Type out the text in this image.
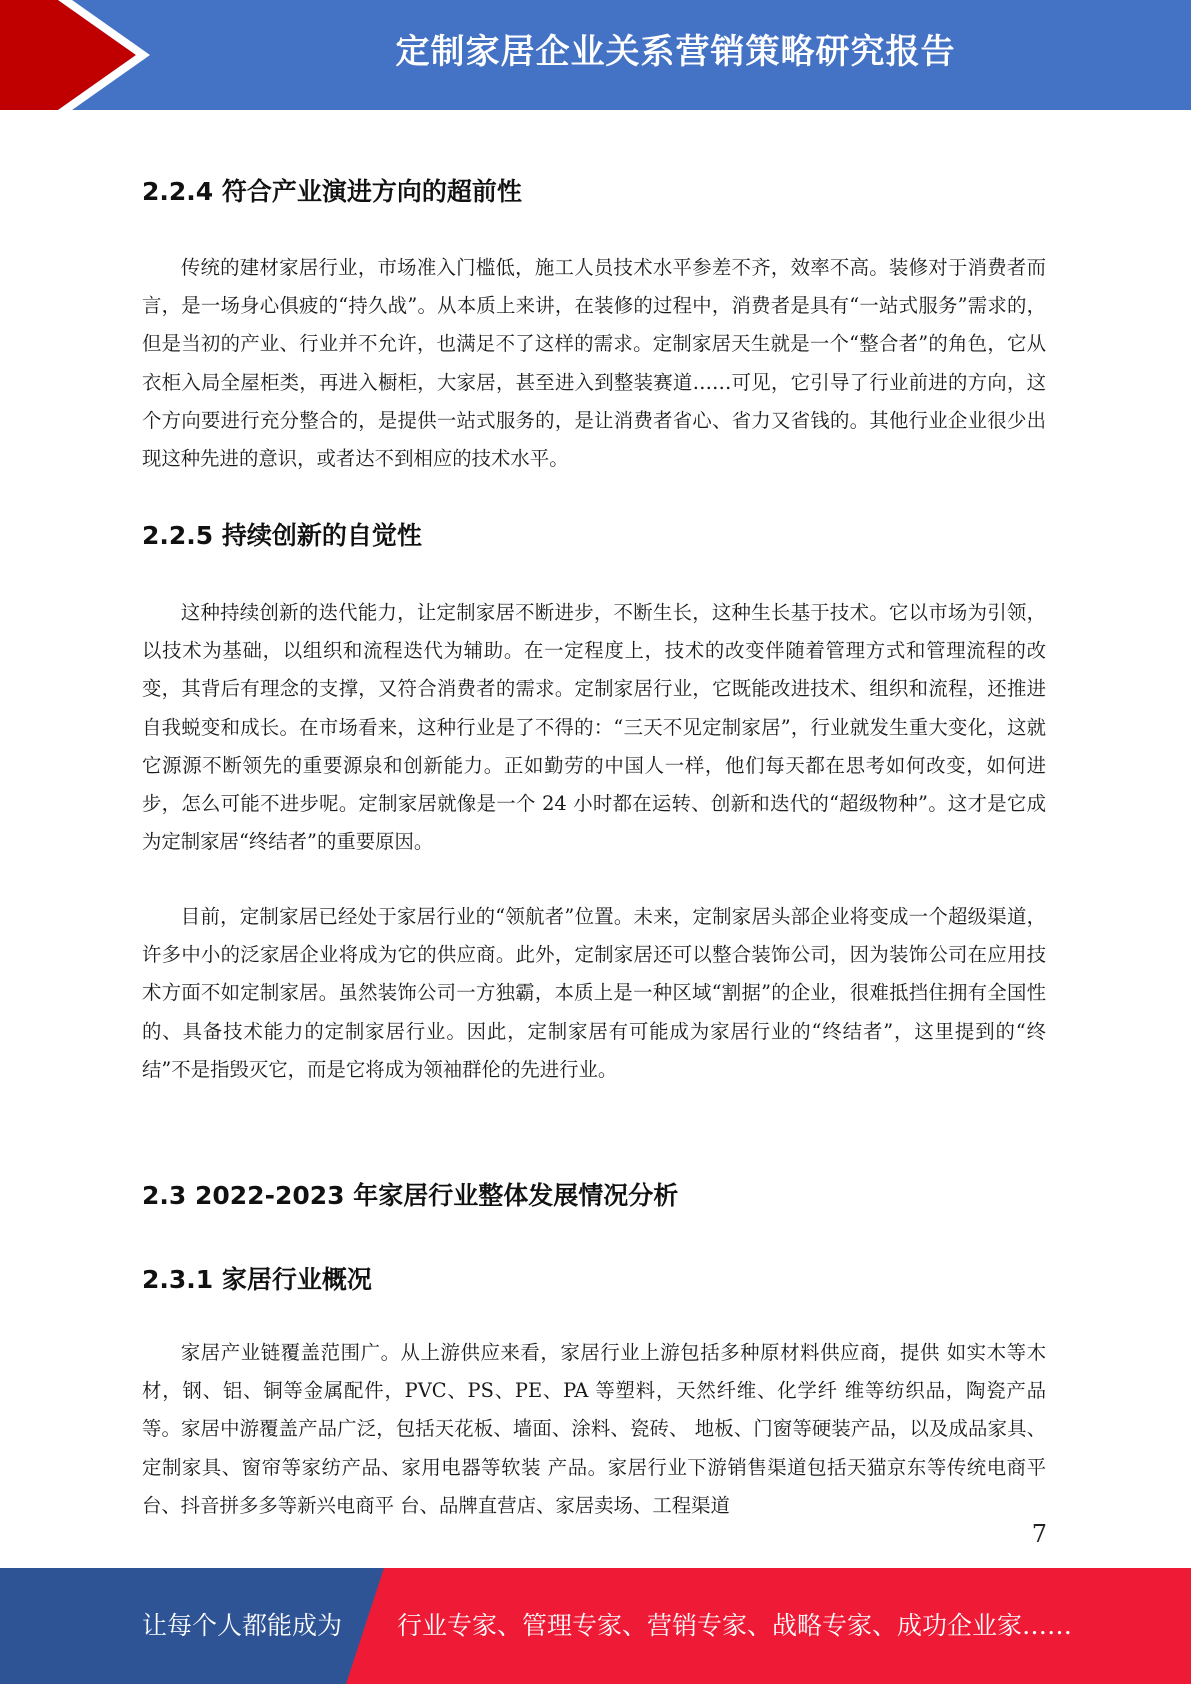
定制家居企业关系营销策略研究报告
2.2.4 符合产业演进方向的超前性

传统的建材家居行业，市场准入门槛低，施工人员技术水平参差不齐，效率不高。装修对于消费者而言，是一场身心俱疲的“持久战”。从本质上来讲，在装修的过程中，消费者是具有“一站式服务”需求的，但是当初的产业、行业并不允许，也满足不了这样的需求。定制家居天生就是一个“整合者”的角色，它从衣柜入局全屋柜类，再进入橱柜，大家居，甚至进入到整装赛道……可见，它引导了行业前进的方向，这个方向要进行充分整合的，是提供一站式服务的，是让消费者省心、省力又省钱的。其他行业企业很少出现这种先进的意识，或者达不到相应的技术水平。

2.2.5 持续创新的自觉性

这种持续创新的迭代能力，让定制家居不断进步，不断生长，这种生长基于技术。它以市场为引领，以技术为基础，以组织和流程迭代为辅助。在一定程度上，技术的改变伴随着管理方式和管理流程的改变，其背后有理念的支撑，又符合消费者的需求。定制家居行业，它既能改进技术、组织和流程，还推进自我蜕变和成长。在市场看来，这种行业是了不得的：“三天不见定制家居”，行业就发生重大变化，这就它源源不断领先的重要源泉和创新能力。正如勤劳的中国人一样，他们每天都在思考如何改变，如何进步，怎么可能不进步呢。定制家居就像是一个 24 小时都在运转、创新和迭代的“超级物种”。这才是它成为定制家居“终结者”的重要原因。

目前，定制家居已经处于家居行业的“领航者”位置。未来，定制家居头部企业将变成一个超级渠道，许多中小的泛家居企业将成为它的供应商。此外，定制家居还可以整合装饰公司，因为装饰公司在应用技术方面不如定制家居。虽然装饰公司一方独霸，本质上是一种区域“割据”的企业，很难抵挡住拥有全国性的、具备技术能力的定制家居行业。因此，定制家居有可能成为家居行业的“终结者”，这里提到的“终结”不是指毁灭它，而是它将成为领袖群伦的先进行业。

2.3 2022-2023 年家居行业整体发展情况分析
2.3.1 家居行业概况

家居产业链覆盖范围广。从上游供应来看，家居行业上游包括多种原材料供应商，提供 如实木等木材，钢、铝、铜等金属配件，PVC、PS、PE、PA 等塑料，天然纤维、化学纤 维等纺织品，陶瓷产品等。家居中游覆盖产品广泛，包括天花板、墙面、涂料、瓷砖、 地板、门窗等硬装产品，以及成品家具、定制家具、窗帘等家纺产品、家用电器等软装 产品。家居行业下游销售渠道包括天猫京东等传统电商平台、抖音拼多多等新兴电商平 台、品牌直营店、家居卖场、工程渠道

7
让每个人都能成为 行业专家、管理专家、营销专家、战略专家、成功企业家……
